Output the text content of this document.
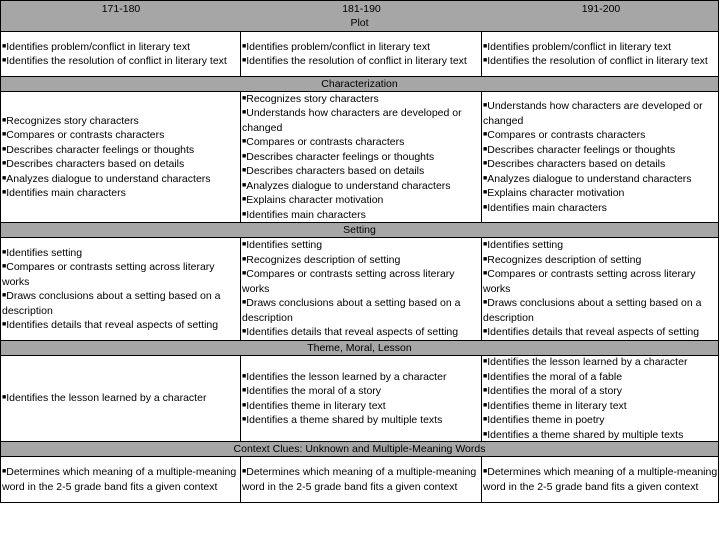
171-180	181-190	191-200
Plot
■Identifies problem/conflict in literary text
■Identifies the resolution of conflict in literary text
■Identifies problem/conflict in literary text
■Identifies the resolution of conflict in literary text
■Identifies problem/conflict in literary text
■Identifies the resolution of conflict in literary text
Characterization
■Recognizes story characters
■Compares or contrasts characters
■Describes character feelings or thoughts
■Describes characters based on details
■Analyzes dialogue to understand characters
■Identifies main characters
■Recognizes story characters
■Understands how characters are developed or changed
■Compares or contrasts characters
■Describes character feelings or thoughts
■Describes characters based on details
■Analyzes dialogue to understand characters
■Explains character motivation
■Identifies main characters
■Understands how characters are developed or changed
■Compares or contrasts characters
■Describes character feelings or thoughts
■Describes characters based on details
■Analyzes dialogue to understand characters
■Explains character motivation
■Identifies main characters
Setting
■Identifies setting
■Compares or contrasts setting across literary works
■Draws conclusions about a setting based on a description
■Identifies details that reveal aspects of setting
■Identifies setting
■Recognizes description of setting
■Compares or contrasts setting across literary works
■Draws conclusions about a setting based on a description
■Identifies details that reveal aspects of setting
■Identifies setting
■Recognizes description of setting
■Compares or contrasts setting across literary works
■Draws conclusions about a setting based on a description
■Identifies details that reveal aspects of setting
Theme, Moral, Lesson
■Identifies the lesson learned by a character
■Identifies the lesson learned by a character
■Identifies the moral of a story
■Identifies theme in literary text
■Identifies a theme shared by multiple texts
■Identifies the lesson learned by a character
■Identifies the moral of a fable
■Identifies the moral of a story
■Identifies theme in literary text
■Identifies theme in poetry
■Identifies a theme shared by multiple texts
Context Clues: Unknown and Multiple-Meaning Words
■Determines which meaning of a multiple-meaning word in the 2-5 grade band fits a given context
■Determines which meaning of a multiple-meaning word in the 2-5 grade band fits a given context
■Determines which meaning of a multiple-meaning word in the 2-5 grade band fits a given context
